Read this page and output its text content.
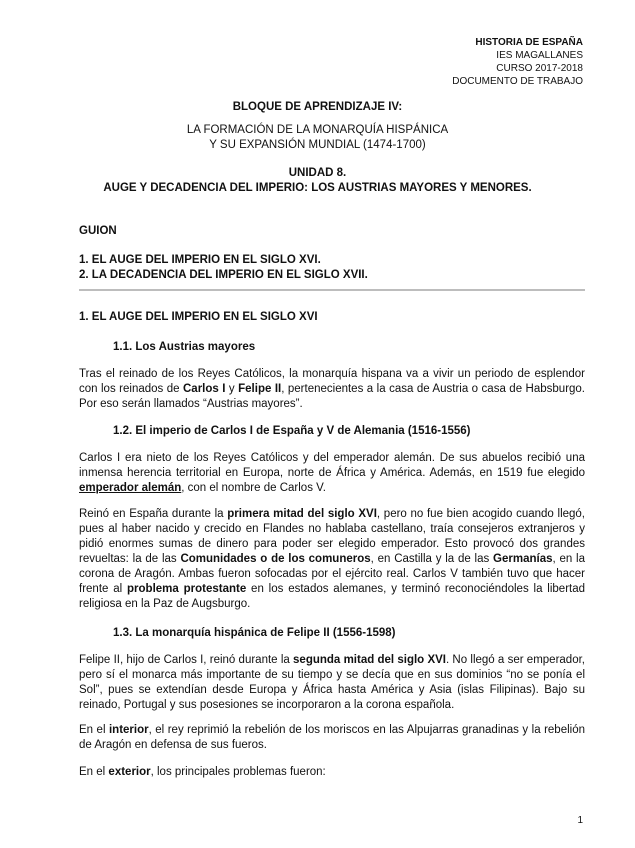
HISTORIA DE ESPAÑA
IES MAGALLANES
CURSO 2017-2018
DOCUMENTO DE TRABAJO
BLOQUE DE APRENDIZAJE IV:
LA FORMACIÓN DE LA MONARQUÍA HISPÁNICA
Y SU EXPANSIÓN MUNDIAL (1474-1700)
UNIDAD 8.
AUGE Y DECADENCIA DEL IMPERIO: LOS AUSTRIAS MAYORES Y MENORES.
GUION
1. EL AUGE DEL IMPERIO EN EL SIGLO XVI.
2. LA DECADENCIA DEL IMPERIO EN EL SIGLO XVII.
1. EL AUGE DEL IMPERIO EN EL SIGLO XVI
1.1. Los Austrias mayores
Tras el reinado de los Reyes Católicos, la monarquía hispana va a vivir un periodo de esplendor con los reinados de Carlos I y Felipe II, pertenecientes a la casa de Austria o casa de Habsburgo. Por eso serán llamados “Austrias mayores”.
1.2. El imperio de Carlos I de España y V de Alemania (1516-1556)
Carlos I era nieto de los Reyes Católicos y del emperador alemán. De sus abuelos recibió una inmensa herencia territorial en Europa, norte de África y América. Además, en 1519 fue elegido emperador alemán, con el nombre de Carlos V.
Reinó en España durante la primera mitad del siglo XVI, pero no fue bien acogido cuando llegó, pues al haber nacido y crecido en Flandes no hablaba castellano, traía consejeros extranjeros y pidió enormes sumas de dinero para poder ser elegido emperador. Esto provocó dos grandes revueltas: la de las Comunidades o de los comuneros, en Castilla y la de las Germanías, en la corona de Aragón. Ambas fueron sofocadas por el ejército real. Carlos V también tuvo que hacer frente al problema protestante en los estados alemanes, y terminó reconociéndoles la libertad religiosa en la Paz de Augsburgo.
1.3. La monarquía hispánica de Felipe II (1556-1598)
Felipe II, hijo de Carlos I, reinó durante la segunda mitad del siglo XVI. No llegó a ser emperador, pero sí el monarca más importante de su tiempo y se decía que en sus dominios “no se ponía el Sol”, pues se extendían desde Europa y África hasta América y Asia (islas Filipinas). Bajo su reinado, Portugal y sus posesiones se incorporaron a la corona española.
En el interior, el rey reprimió la rebelión de los moriscos en las Alpujarras granadinas y la rebelión de Aragón en defensa de sus fueros.
En el exterior, los principales problemas fueron:
1
